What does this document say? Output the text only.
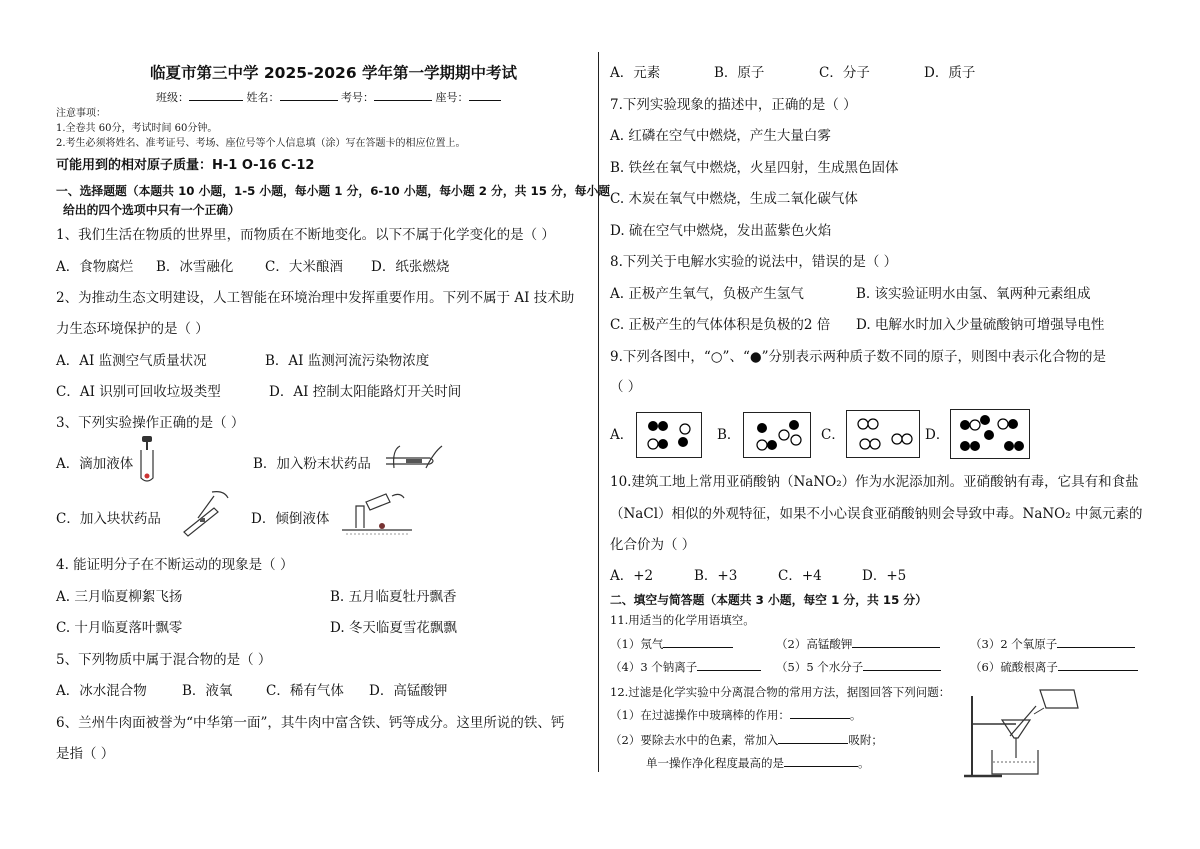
临夏市第三中学 2025-2026 学年第一学期期中考试
班级：	姓名：	考号：	座号：
注意事项：
1.全卷共 60分，考试时间 60分钟。
2.考生必须将姓名、准考证号、考场、座位号等个人信息填（涂）写在答题卡的相应位置上。
可能用到的相对原子质量：H-1 O-16 C-12
一、选择题题（本题共 10 小题，1-5 小题，每小题 1 分，6-10 小题，每小题 2 分，共 15 分，每小题
给出的四个选项中只有一个正确）
1、我们生活在物质的世界里，而物质在不断地变化。以下不属于化学变化的是（ ）
A．食物腐烂 B．冰雪融化 C．大米酿酒 D．纸张燃烧
2、为推动生态文明建设，人工智能在环境治理中发挥重要作用。下列不属于 AI 技术助
力生态环境保护的是（ ）
A．AI 监测空气质量状况	B．AI 监测河流污染物浓度
C．AI 识别可回收垃圾类型	D．AI 控制太阳能路灯开关时间
3、下列实验操作正确的是（ ）
A．滴加液体	B．加入粉末状药品
C．加入块状药品	D．倾倒液体
4. 能证明分子在不断运动的现象是（ ）
A. 三月临夏柳絮飞扬	B. 五月临夏牡丹飘香
C. 十月临夏落叶飘零	D. 冬天临夏雪花飘飘
5、下列物质中属于混合物的是（ ）
A．冰水混合物	B．液氧 C．稀有气体 D．高锰酸钾
6、兰州牛肉面被誉为“中华第一面”，其牛肉中富含铁、钙等成分。这里所说的铁、钙
是指（ ）
A．元素	B．原子	C．分子	D．质子
7.下列实验现象的描述中，正确的是（ ）
A. 红磷在空气中燃烧，产生大量白雾
B. 铁丝在氧气中燃烧，火星四射，生成黑色固体
C. 木炭在氧气中燃烧，生成二氧化碳气体
D. 硫在空气中燃烧，发出蓝紫色火焰
8.下列关于电解水实验的说法中，错误的是（ ）
A. 正极产生氧气，负极产生氢气	B. 该实验证明水由氢、氧两种元素组成
C. 正极产生的气体体积是负极的2 倍 D. 电解水时加入少量硫酸钠可增强导电性
9.下列各图中，“○”、“●”分别表示两种质子数不同的原子，则图中表示化合物的是
（ ）
A．	B．	C．	D．
10.建筑工地上常用亚硝酸钠（NaNO₂）作为水泥添加剂。亚硝酸钠有毒，它具有和食盐
（NaCl）相似的外观特征，如果不小心误食亚硝酸钠则会导致中毒。NaNO₂ 中氮元素的
化合价为（ ）
A．+2	B．+3	C．+4	D．+5
二、填空与简答题（本题共 3 小题，每空 1 分，共 15 分）
11.用适当的化学用语填空。
（1）氖气	（2）高锰酸钾	（3）2 个氧原子
（4）3 个钠离子	（5）5 个水分子	（6）硫酸根离子
12.过滤是化学实验中分离混合物的常用方法，据图回答下列问题：
（1）在过滤操作中玻璃棒的作用：	。
（2）要除去水中的色素，常加入	吸附；
单一操作净化程度最高的是	。
